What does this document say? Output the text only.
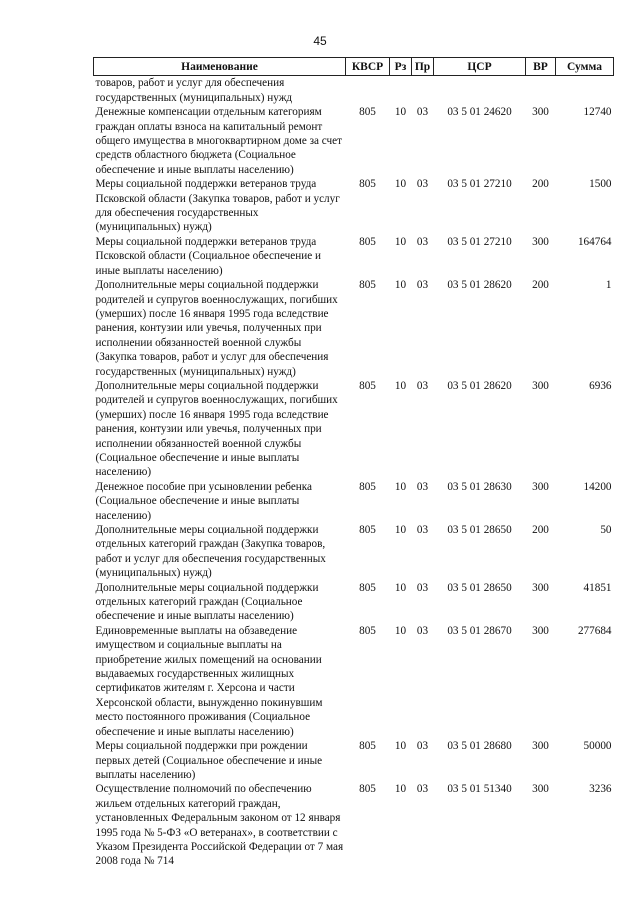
45
Наименование	КВСР	Рз	Пр	ЦСР	ВР	Сумма
товаров, работ и услуг для обеспечения государственных (муниципальных) нужд						
Денежные компенсации отдельным категориям граждан оплаты взноса на капитальный ремонт общего имущества в многоквартирном доме за счет средств областного бюджета (Социальное обеспечение и иные выплаты населению)	805	10	03	03 5 01 24620	300	12740
Меры социальной поддержки ветеранов труда Псковской области (Закупка товаров, работ и услуг для обеспечения государственных (муниципальных) нужд)	805	10	03	03 5 01 27210	200	1500
Меры социальной поддержки ветеранов труда Псковской области (Социальное обеспечение и иные выплаты населению)	805	10	03	03 5 01 27210	300	164764
Дополнительные меры социальной поддержки родителей и супругов военнослужащих, погибших (умерших) после 16 января 1995 года вследствие ранения, контузии или увечья, полученных при исполнении обязанностей военной службы (Закупка товаров, работ и услуг для обеспечения государственных (муниципальных) нужд)	805	10	03	03 5 01 28620	200	1
Дополнительные меры социальной поддержки родителей и супругов военнослужащих, погибших (умерших) после 16 января 1995 года вследствие ранения, контузии или увечья, полученных при исполнении обязанностей военной службы (Социальное обеспечение и иные выплаты населению)	805	10	03	03 5 01 28620	300	6936
Денежное пособие при усыновлении ребенка (Социальное обеспечение и иные выплаты населению)	805	10	03	03 5 01 28630	300	14200
Дополнительные меры социальной поддержки отдельных категорий граждан (Закупка товаров, работ и услуг для обеспечения государственных (муниципальных) нужд)	805	10	03	03 5 01 28650	200	50
Дополнительные меры социальной поддержки отдельных категорий граждан (Социальное обеспечение и иные выплаты населению)	805	10	03	03 5 01 28650	300	41851
Единовременные выплаты на обзаведение имуществом и социальные выплаты на приобретение жилых помещений на основании выдаваемых государственных жилищных сертификатов жителям г. Херсона и части Херсонской области, вынужденно покинувшим место постоянного проживания (Социальное обеспечение и иные выплаты населению)	805	10	03	03 5 01 28670	300	277684
Меры социальной поддержки при рождении первых детей (Социальное обеспечение и иные выплаты населению)	805	10	03	03 5 01 28680	300	50000
Осуществление полномочий по обеспечению жильем отдельных категорий граждан, установленных Федеральным законом от 12 января 1995 года № 5-ФЗ «О ветеранах», в соответствии с Указом Президента Российской Федерации от 7 мая 2008 года № 714	805	10	03	03 5 01 51340	300	3236
